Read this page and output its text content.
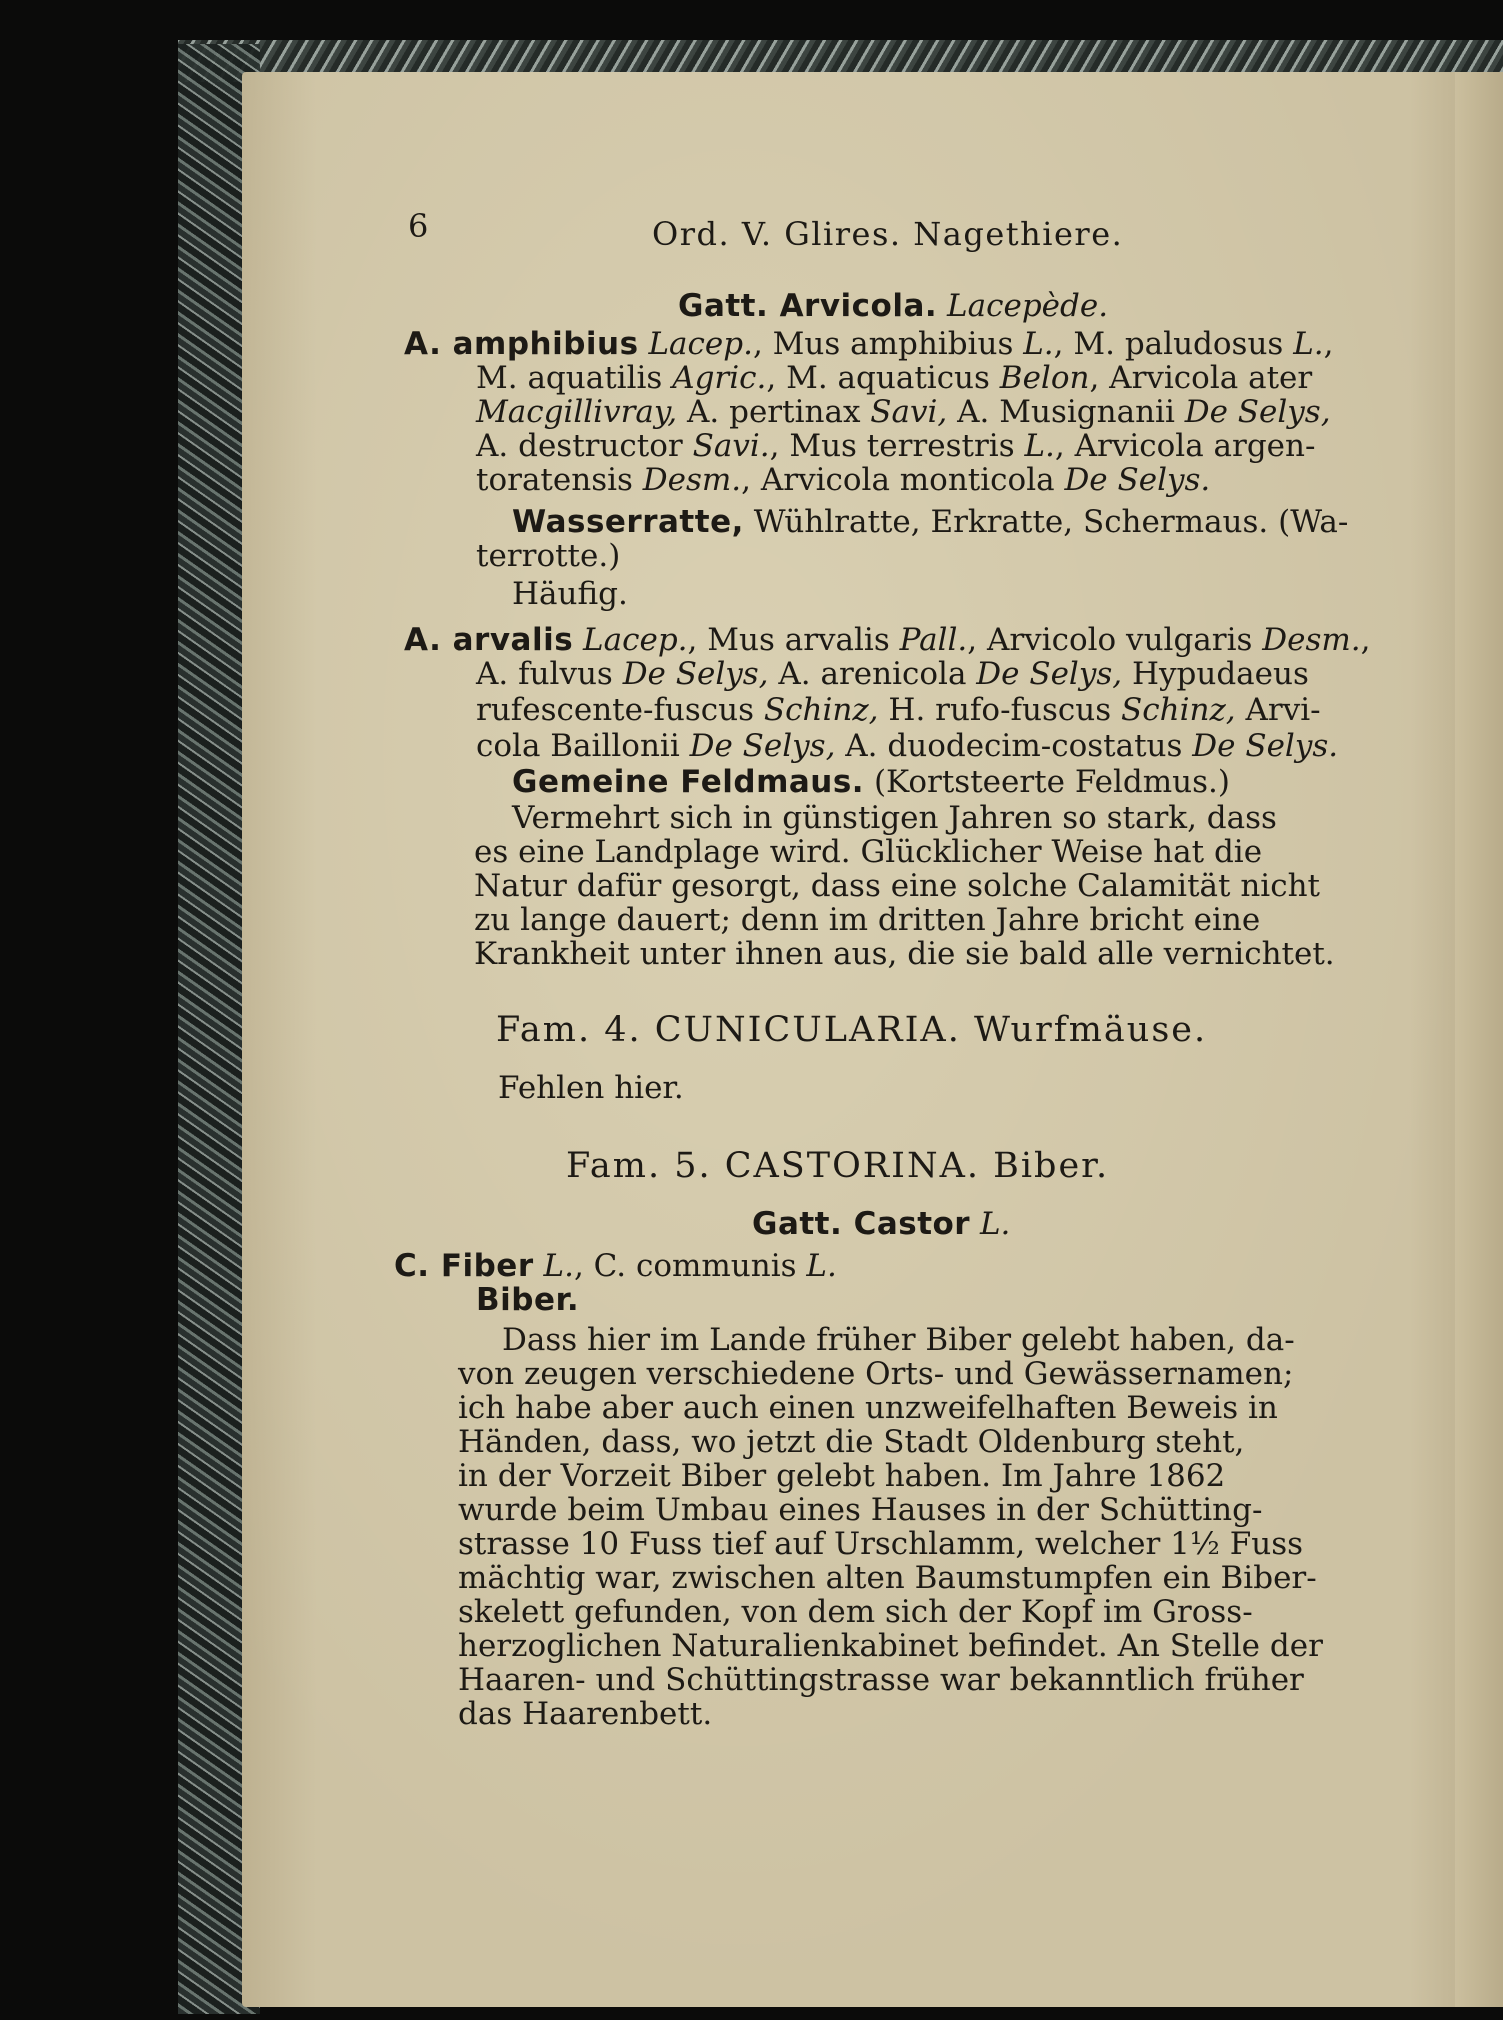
6	Ord. V. Glires. Nagethiere.
Gatt. Arvicola. Lacepède.
A. amphibius Lacep., Mus amphibius L., M. paludosus L.,
M. aquatilis Agric., M. aquaticus Belon, Arvicola ater
Macgillivray, A. pertinax Savi, A. Musignanii De Selys,
A. destructor Savi., Mus terrestris L., Arvicola argen-
toratensis Desm., Arvicola monticola De Selys.
Wasserratte, Wühlratte, Erkratte, Schermaus. (Wa-
terrotte.)
Häufig.
A. arvalis Lacep., Mus arvalis Pall., Arvicolo vulgaris Desm.,
A. fulvus De Selys, A. arenicola De Selys, Hypudaeus
rufescente-fuscus Schinz, H. rufo-fuscus Schinz, Arvi-
cola Baillonii De Selys, A. duodecim-costatus De Selys.
Gemeine Feldmaus. (Kortsteerte Feldmus.)
Vermehrt sich in günstigen Jahren so stark, dass
es eine Landplage wird. Glücklicher Weise hat die
Natur dafür gesorgt, dass eine solche Calamität nicht
zu lange dauert; denn im dritten Jahre bricht eine
Krankheit unter ihnen aus, die sie bald alle vernichtet.
Fam. 4. CUNICULARIA. Wurfmäuse.
Fehlen hier.
Fam. 5. CASTORINA. Biber.
Gatt. Castor L.
C. Fiber L., C. communis L.
Biber.
Dass hier im Lande früher Biber gelebt haben, da-
von zeugen verschiedene Orts- und Gewässernamen;
ich habe aber auch einen unzweifelhaften Beweis in
Händen, dass, wo jetzt die Stadt Oldenburg steht,
in der Vorzeit Biber gelebt haben. Im Jahre 1862
wurde beim Umbau eines Hauses in der Schütting-
strasse 10 Fuss tief auf Urschlamm, welcher 1½ Fuss
mächtig war, zwischen alten Baumstumpfen ein Biber-
skelett gefunden, von dem sich der Kopf im Gross-
herzoglichen Naturalienkabinet befindet. An Stelle der
Haaren- und Schüttingstrasse war bekanntlich früher
das Haarenbett.
